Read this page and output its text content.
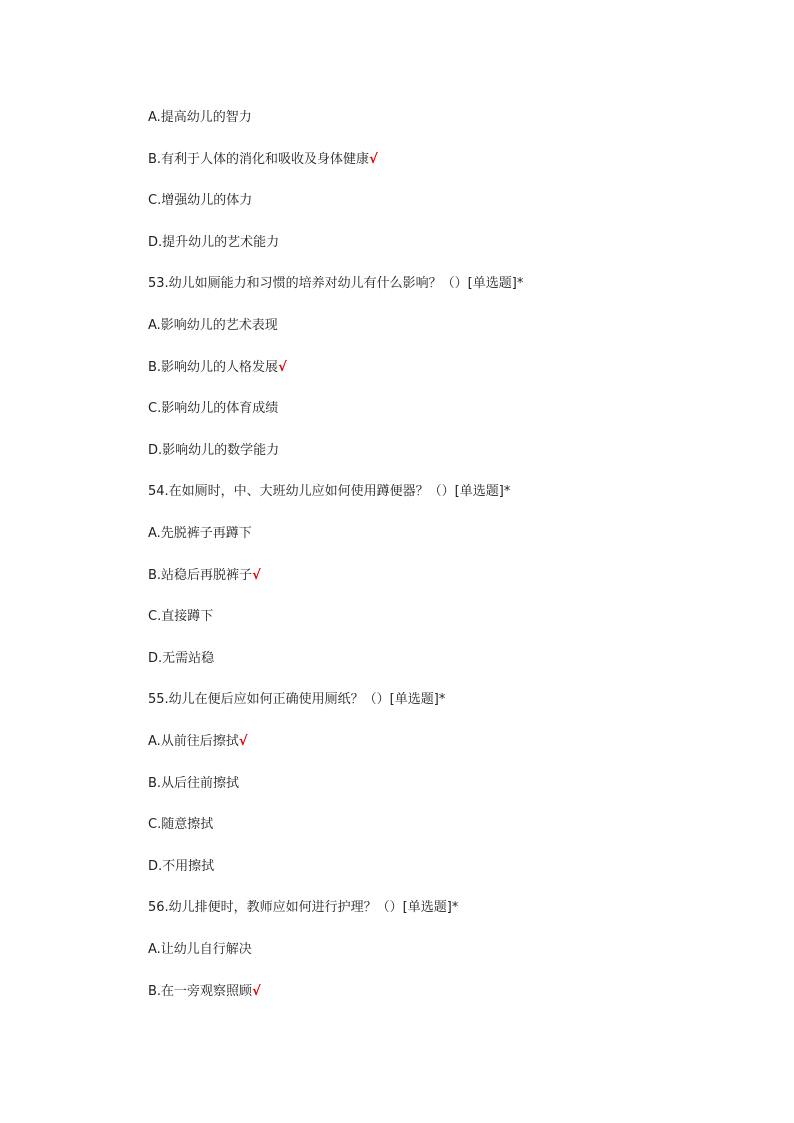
A.提高幼儿的智力
B.有利于人体的消化和吸收及身体健康√
C.增强幼儿的体力
D.提升幼儿的艺术能力
53.幼儿如厕能力和习惯的培养对幼儿有什么影响？（）[单选题]*
A.影响幼儿的艺术表现
B.影响幼儿的人格发展√
C.影响幼儿的体育成绩
D.影响幼儿的数学能力
54.在如厕时，中、大班幼儿应如何使用蹲便器？（）[单选题]*
A.先脱裤子再蹲下
B.站稳后再脱裤子√
C.直接蹲下
D.无需站稳
55.幼儿在便后应如何正确使用厕纸？（）[单选题]*
A.从前往后擦拭√
B.从后往前擦拭
C.随意擦拭
D.不用擦拭
56.幼儿排便时，教师应如何进行护理？（）[单选题]*
A.让幼儿自行解决
B.在一旁观察照顾√
